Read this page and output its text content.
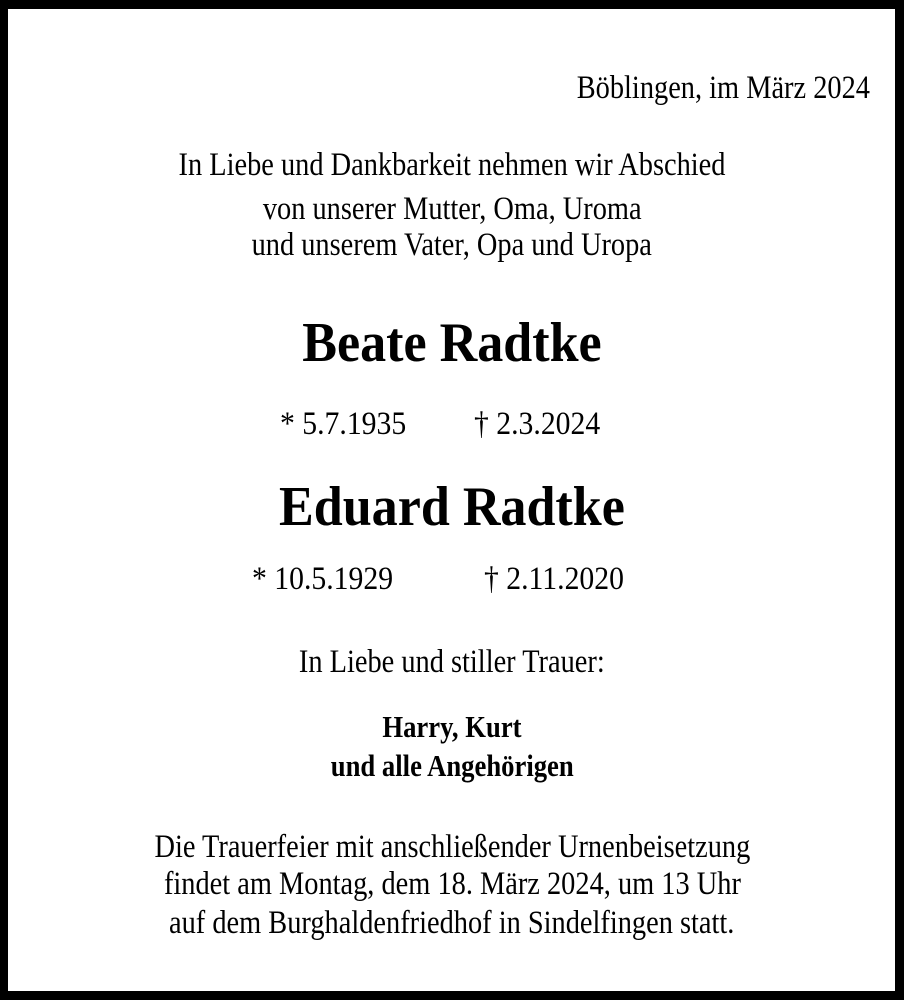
Böblingen, im März 2024
In Liebe und Dankbarkeit nehmen wir Abschied
von unserer Mutter, Oma, Uroma
und unserem Vater, Opa und Uropa
Beate Radtke
* 5.7.1935	† 2.3.2024
Eduard Radtke
* 10.5.1929	† 2.11.2020
In Liebe und stiller Trauer:
Harry, Kurt
und alle Angehörigen
Die Trauerfeier mit anschließender Urnenbeisetzung
findet am Montag, dem 18. März 2024, um 13 Uhr
auf dem Burghaldenfriedhof in Sindelfingen statt.
